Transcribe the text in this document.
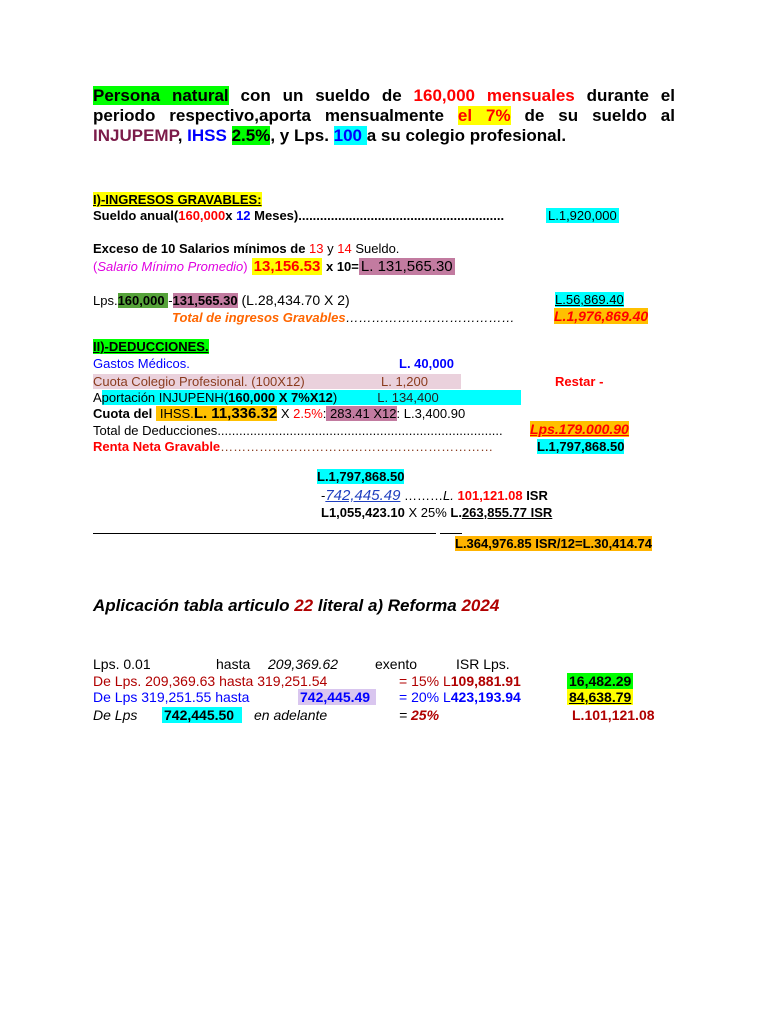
Persona natural con un sueldo de 160,000 mensuales durante el periodo respectivo,aporta mensualmente el 7% de su sueldo al INJUPEMP, IHSS 2.5%, y Lps. 100 a su colegio profesional.
I)-INGRESOS GRAVABLES:
Sueldo anual(160,000x 12 Meses).........................................................	L.1,920,000
Exceso de 10 Salarios mínimos de 13 y 14 Sueldo.
(Salario Mínimo Promedio) 13,156.53 x 10= L. 131,565.30
Lps.160,000 -131,565.30 (L.28,434.70 X 2)	L.56,869.40
Total de ingresos Gravables…………………………………	L.1,976,869.40
II)-DEDUCCIONES.
Gastos Médicos.	L. 40,000
Cuota Colegio Profesional. (100X12)	L. 1,200	Restar -
Aportación INJUPENH(160,000 X 7%X12)	L. 134,400
Cuota del IHSS.L. 11,336.32 X 2.5%: 283.41 X12: L.3,400.90
Total de Deducciones............................................................................... Lps.179.000.90
Renta Neta Gravable………………………………………………………	L.1,797,868.50
L.1,797,868.50
-742,445.49 ………L. 101,121.08 ISR
L1,055,423.10 X 25% L.263,855.77 ISR
L.364,976.85 ISR/12=L.30,414.74
Aplicación tabla articulo 22 literal a) Reforma 2024
Lps. 0.01	hasta 209,369.62	exento	ISR Lps.
De Lps. 209,369.63 hasta 319,251.54	= 15% L109,881.91	16,482.29
De Lps 319,251.55 hasta	742,445.49	= 20% L423,193.94	84,638.79
De Lps 742,445.50	en adelante	= 25%	L.101,121.08
